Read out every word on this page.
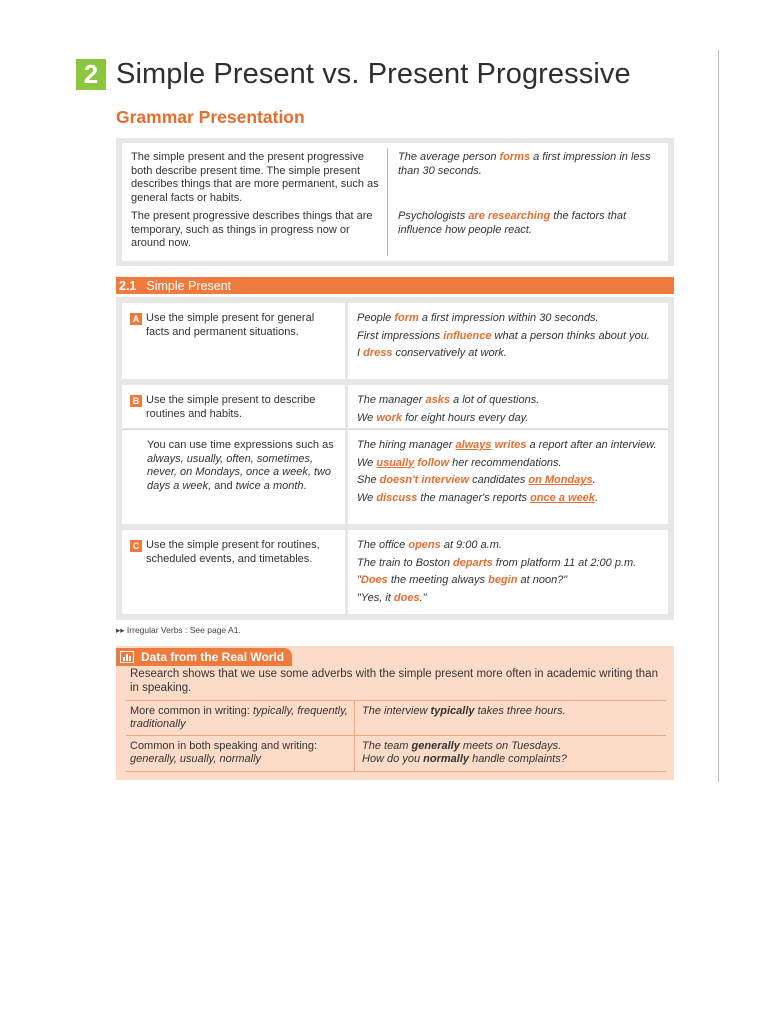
2 Simple Present vs. Present Progressive
Grammar Presentation

The simple present and the present progressive both describe present time. The simple present describes things that are more permanent, such as general facts or habits.

The present progressive describes things that are temporary, such as things in progress now or around now.

The average person forms a first impression in less than 30 seconds.

Psychologists are researching the factors that influence how people react.

2.1 Simple Present
A Use the simple present for general facts and permanent situations.

People form a first impression within 30 seconds.

First impressions influence what a person thinks about you.

I dress conservatively at work.

B Use the simple present to describe routines and habits.

The manager asks a lot of questions.

We work for eight hours every day.

You can use time expressions such as always, usually, often, sometimes, never, on Mondays, once a week, two days a week, and twice a month.

The hiring manager always writes a report after an interview.

We usually follow her recommendations.

She doesn't interview candidates on Mondays.

We discuss the manager's reports once a week.

C Use the simple present for routines, scheduled events, and timetables.

The office opens at 9:00 a.m.

The train to Boston departs from platform 11 at 2:00 p.m.

"Does the meeting always begin at noon?"

"Yes, it does."

▸▸ Irregular Verbs : See page A1.
Data from the Real World
Research shows that we use some adverbs with the simple present more often in academic writing than in speaking.
More common in writing: typically, frequently, traditionally
The interview typically takes three hours.
Common in both speaking and writing: generally, usually, normally
The team generally meets on Tuesdays.
How do you normally handle complaints?
